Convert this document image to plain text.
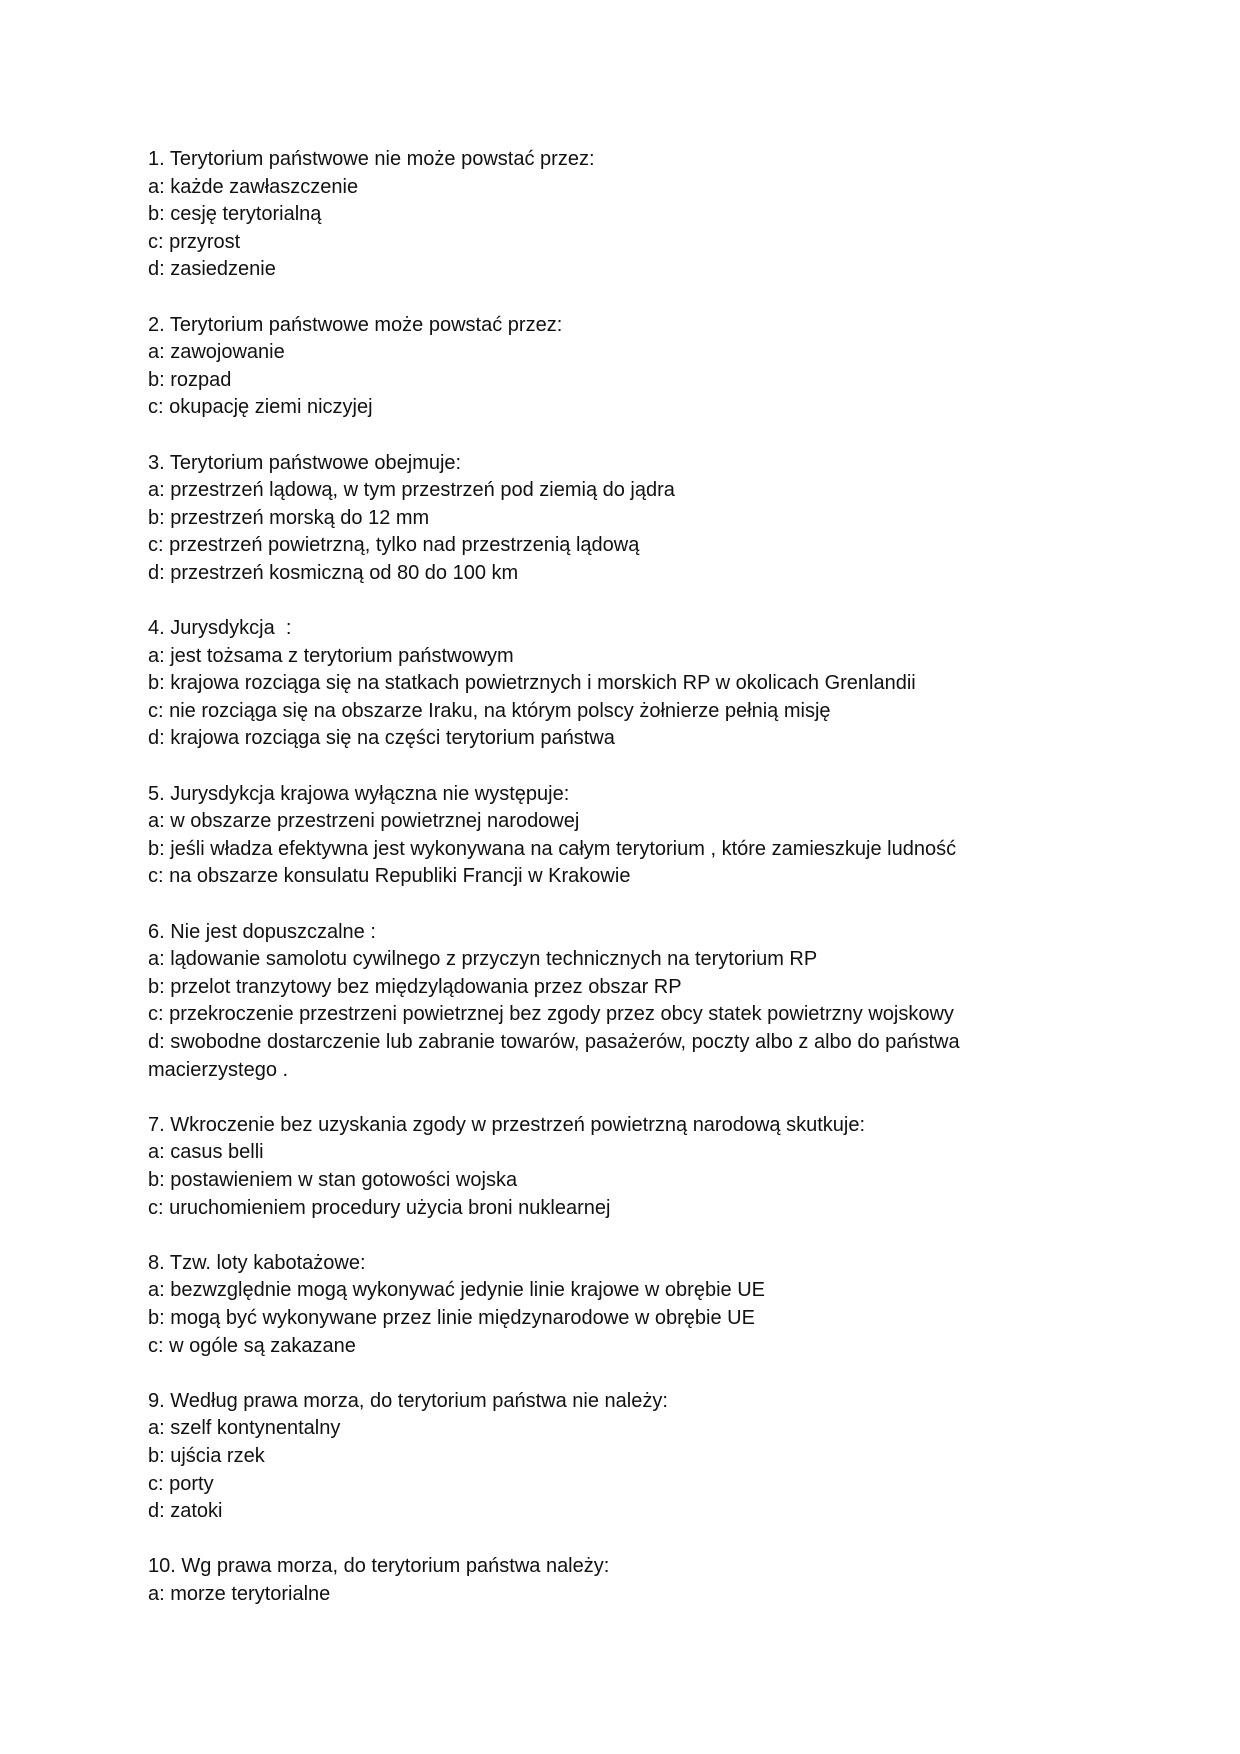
1. Terytorium państwowe nie może powstać przez:
a: każde zawłaszczenie
b: cesję terytorialną
c: przyrost
d: zasiedzenie
2. Terytorium państwowe może powstać przez:
a: zawojowanie
b: rozpad
c: okupację ziemi niczyjej
3. Terytorium państwowe obejmuje:
a: przestrzeń lądową, w tym przestrzeń pod ziemią do jądra
b: przestrzeń morską do 12 mm
c: przestrzeń powietrzną, tylko nad przestrzenią lądową
d: przestrzeń kosmiczną od 80 do 100 km
4. Jurysdykcja  :
a: jest tożsama z terytorium państwowym
b: krajowa rozciąga się na statkach powietrznych i morskich RP w okolicach Grenlandii
c: nie rozciąga się na obszarze Iraku, na którym polscy żołnierze pełnią misję
d: krajowa rozciąga się na części terytorium państwa
5. Jurysdykcja krajowa wyłączna nie występuje:
a: w obszarze przestrzeni powietrznej narodowej
b: jeśli władza efektywna jest wykonywana na całym terytorium , które zamieszkuje ludność
c: na obszarze konsulatu Republiki Francji w Krakowie
6. Nie jest dopuszczalne :
a: lądowanie samolotu cywilnego z przyczyn technicznych na terytorium RP
b: przelot tranzytowy bez międzylądowania przez obszar RP
c: przekroczenie przestrzeni powietrznej bez zgody przez obcy statek powietrzny wojskowy
d: swobodne dostarczenie lub zabranie towarów, pasażerów, poczty albo z albo do państwa macierzystego .
7. Wkroczenie bez uzyskania zgody w przestrzeń powietrzną narodową skutkuje:
a: casus belli
b: postawieniem w stan gotowości wojska
c: uruchomieniem procedury użycia broni nuklearnej
8. Tzw. loty kabotażowe:
a: bezwzględnie mogą wykonywać jedynie linie krajowe w obrębie UE
b: mogą być wykonywane przez linie międzynarodowe w obrębie UE
c: w ogóle są zakazane
9. Według prawa morza, do terytorium państwa nie należy:
a: szelf kontynentalny
b: ujścia rzek
c: porty
d: zatoki
10. Wg prawa morza, do terytorium państwa należy:
a: morze terytorialne
